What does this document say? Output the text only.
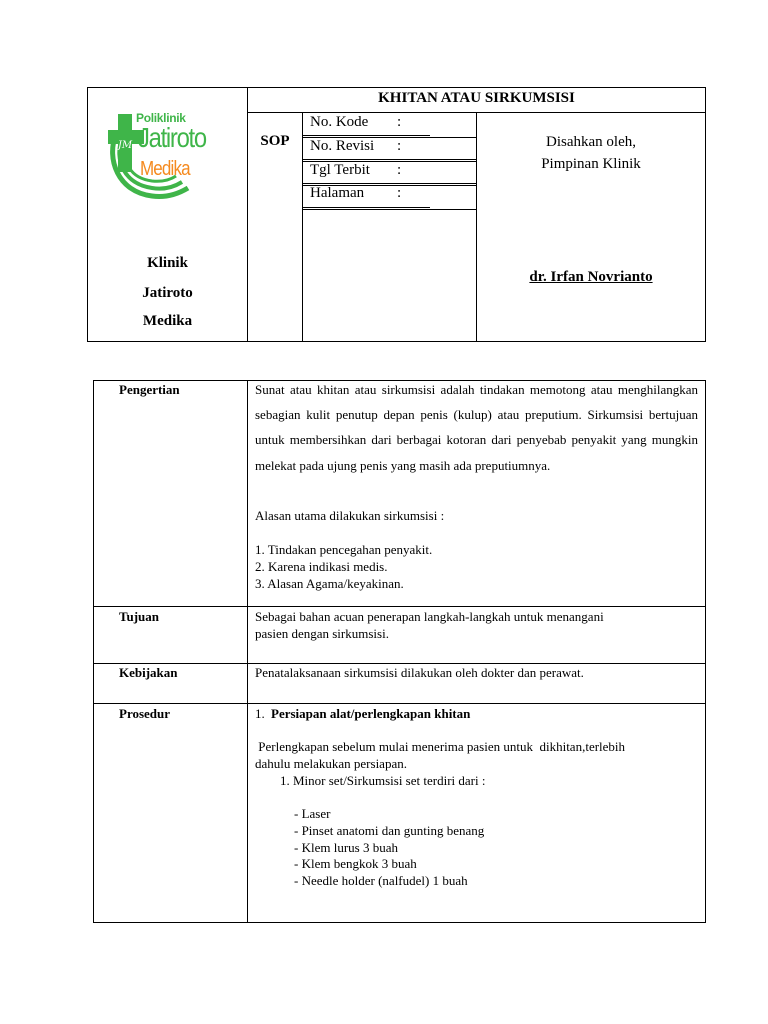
JM
Poliklinik
Jatiroto
Medika
Klinik
Jatiroto
Medika
KHITAN ATAU SIRKUMSISI
SOP
No. Kode :
No. Revisi :
Tgl Terbit :
Halaman :
Disahkan oleh,
Pimpinan Klinik
dr. Irfan Novrianto
Pengertian
Tujuan
Kebijakan
Prosedur
Sunat atau khitan atau sirkumsisi adalah tindakan memotong atau menghilangkan sebagian kulit penutup depan penis (kulup) atau preputium. Sirkumsisi bertujuan untuk membersihkan dari berbagai kotoran dari penyebab penyakit yang mungkin melekat pada ujung penis yang masih ada preputiumnya.
Alasan utama dilakukan sirkumsisi :
1. Tindakan pencegahan penyakit.
2. Karena indikasi medis.
3. Alasan Agama/keyakinan.
Sebagai bahan acuan penerapan langkah-langkah untuk menangani
pasien dengan sirkumsisi.
Penatalaksanaan sirkumsisi dilakukan oleh dokter dan perawat.
1. Persiapan alat/perlengkapan khitan
Perlengkapan sebelum mulai menerima pasien untuk  dikhitan,terlebih
dahulu melakukan persiapan.
1. Minor set/Sirkumsisi set terdiri dari :
- Laser
- Pinset anatomi dan gunting benang
- Klem lurus 3 buah
- Klem bengkok 3 buah
- Needle holder (nalfudel) 1 buah
